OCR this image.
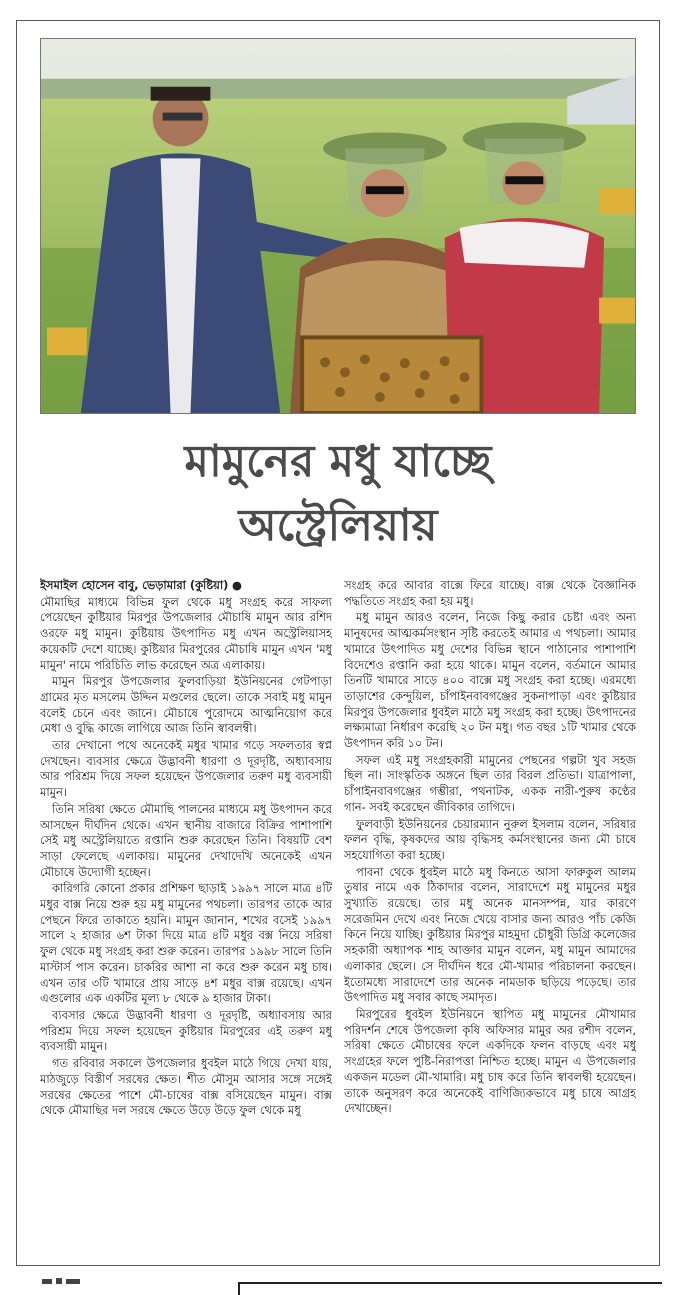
মামুনের মধু যাচ্ছে
অস্ট্রেলিয়ায়

ইসমাইল হোসেন বাবু, ভেড়ামারা (কুষ্টিয়া) ●

মৌমাছির মাধ্যমে বিভিন্ন ফুল থেকে মধু সংগ্রহ করে সাফল্য পেয়েছেন কুষ্টিয়ার মিরপুর উপজেলার মৌচাষি মামুন আর রশিদ ওরফে মধু মামুন। কুষ্টিয়ায় উৎপাদিত মধু এখন অস্ট্রেলিয়াসহ কয়েকটি দেশে যাচ্ছে। কুষ্টিয়ার মিরপুরের মৌচাষি মামুন এখন 'মধু মামুন' নামে পরিচিতি লাভ করেছেন অত্র এলাকায়।

মামুন মিরপুর উপজেলার ফুলবাড়িয়া ইউনিয়নের গেটপাড়া গ্রামের মৃত মসলেম উদ্দিন মণ্ডলের ছেলে। তাকে সবাই মধু মামুন বলেই চেনে এবং জানে। মৌচাষে পুরোদমে আত্মনিয়োগ করে মেধা ও বুদ্ধি কাজে লাগিয়ে আজ তিনি স্বাবলম্বী।

তার দেখানো পথে অনেকেই মধুর খামার গড়ে সফলতার স্বপ্ন দেখছেন। ব্যবসার ক্ষেত্রে উদ্ভাবনী ধারণা ও দূরদৃষ্টি, অধ্যাবসায় আর পরিশ্রম দিয়ে সফল হয়েছেন উপজেলার তরুণ মধু ব্যবসায়ী মামুন।

তিনি সরিষা ক্ষেতে মৌমাছি পালনের মাধ্যমে মধু উৎপাদন করে আসছেন দীর্ঘদিন থেকে। এখন স্থানীয় বাজারে বিক্রির পাশাপাশি সেই মধু অস্ট্রেলিয়াতে রপ্তানি শুরু করেছেন তিনি। বিষয়টি বেশ সাড়া ফেলেছে এলাকায়। মামুনের দেখাদেখি অনেকেই এখন মৌচাষে উদ্যোগী হচ্ছেন।

কারিগরি কোনো প্রকার প্রশিক্ষণ ছাড়াই ১৯৯৭ সালে মাত্র ৪টি মধুর বাক্স নিয়ে শুরু হয় মধু মামুনের পথচলা। তারপর তাকে আর পেছনে ফিরে তাকাতে হয়নি। মামুন জানান, শখের বসেই ১৯৯৭ সালে ২ হাজার ৬শ টাকা দিয়ে মাত্র ৪টি মধুর বক্স নিয়ে সরিষা ফুল থেকে মধু সংগ্রহ করা শুরু করেন। তারপর ১৯৯৮ সালে তিনি মাস্টার্স পাস করেন। চাকরির আশা না করে শুরু করেন মধু চাষ। এখন তার ৩টি খামারে প্রায় সাড়ে ৪শ মধুর বাক্স রয়েছে। এখন এগুলোর এক একটির মূল্য ৮ থেকে ৯ হাজার টাকা।

ব্যবসার ক্ষেত্রে উদ্ভাবনী ধারণা ও দূরদৃষ্টি, অধ্যাবসায় আর পরিশ্রম দিয়ে সফল হয়েছেন কুষ্টিয়ার মিরপুরের এই তরুণ মধু ব্যবসায়ী মামুন।

গত রবিবার সকালে উপজেলার ধুবইল মাঠে গিয়ে দেখা যায়, মাঠজুড়ে বিস্তীর্ণ সরষের ক্ষেত। শীত মৌসুম আসার সঙ্গে সঙ্গেই সরষের ক্ষেতের পাশে মৌ-চাষের বাক্স বসিয়েছেন মামুন। বাক্স থেকে মৌমাছির দল সরষে ক্ষেতে উড়ে উড়ে ফুল থেকে মধু

সংগ্রহ করে আবার বাক্সে ফিরে যাচ্ছে। বাক্স থেকে বৈজ্ঞানিক পদ্ধতিতে সংগ্রহ করা হয় মধু।

মধু মামুন আরও বলেন, নিজে কিছু করার চেষ্টা এবং অন্য মানুষদের আত্মকর্মসংস্থান সৃষ্টি করতেই আমার এ পথচলা। আমার খামারে উৎপাদিত মধু দেশের বিভিন্ন স্থানে পাঠানোর পাশাপাশি বিদেশেও রপ্তানি করা হয়ে থাকে। মামুন বলেন, বর্তমানে আমার তিনটি খামারে সাড়ে ৪০০ বাক্সে মধু সংগ্রহ করা হচ্ছে। এরমধ্যে তাড়াশের কেন্দুয়িল, চাঁপাইনবাবগঞ্জের সুকনাপাড়া এবং কুষ্টিয়ার মিরপুর উপজেলার ধুবইল মাঠে মধু সংগ্রহ করা হচ্ছে। উৎপাদনের লক্ষ্যমাত্রা নির্ধারণ করেছি ২০ টন মধু। গত বছর ১টি খামার থেকে উৎপাদন করি ১০ টন।

সফল এই মধু সংগ্রহকারী মামুনের পেছনের গল্পটা খুব সহজ ছিল না। সাংস্কৃতিক অঙ্গনে ছিল তার বিরল প্রতিভা। যাত্রাপালা, চাঁপাইনবাবগঞ্জের গম্ভীরা, পথনাটক, একক নারী-পুরুষ কণ্ঠের গান- সবই করেছেন জীবিকার তাগিদে।

ফুলবাড়ী ইউনিয়নের চেয়ারম্যান নুরুল ইসলাম বলেন, সরিষার ফলন বৃদ্ধি, কৃষকদের আয় বৃদ্ধিসহ কর্মসংস্থানের জন্য মৌ চাষে সহযোগিতা করা হচ্ছে।

পাবনা থেকে ধুবইল মাঠে মধু কিনতে আসা ফারুকুল আলম তুষার নামে এক ঠিকাদার বলেন, সারাদেশে মধু মামুনের মধুর সুখ্যাতি রয়েছে। তার মধু অনেক মানসম্পন্ন, যার কারণে সরেজমিন দেখে এবং নিজে খেয়ে বাসার জন্য আরও পাঁচ কেজি কিনে নিয়ে যাচ্ছি। কুষ্টিয়ার মিরপুর মাহমুদা চৌধুরী ডিগ্রি কলেজের সহকারী অধ্যাপক শাহ আক্তার মামুন বলেন, মধু মামুন আমাদের এলাকার ছেলে। সে দীর্ঘদিন ধরে মৌ-খামার পরিচালনা করছেন। ইতোমধ্যে সারাদেশে তার অনেক নামডাক ছড়িয়ে পড়েছে। তার উৎপাদিত মধু সবার কাছে সমাদৃত।

মিরপুরের ধুবইল ইউনিয়নে স্থাপিত মধু মামুনের মৌখামার পরিদর্শন শেষে উপজেলা কৃষি অফিসার মামুর অর রশীদ বলেন, সরিষা ক্ষেতে মৌচাষের ফলে একদিকে ফলন বাড়ছে এবং মধু সংগ্রহের ফলে পুষ্টি-নিরাপত্তা নিশ্চিত হচ্ছে। মামুন এ উপজেলার একজন মডেল মৌ-খামারি। মধু চাষ করে তিনি স্বাবলম্বী হয়েছেন। তাকে অনুসরণ করে অনেকেই বাণিজ্যিকভাবে মধু চাষে আগ্রহ দেখাচ্ছেন।
